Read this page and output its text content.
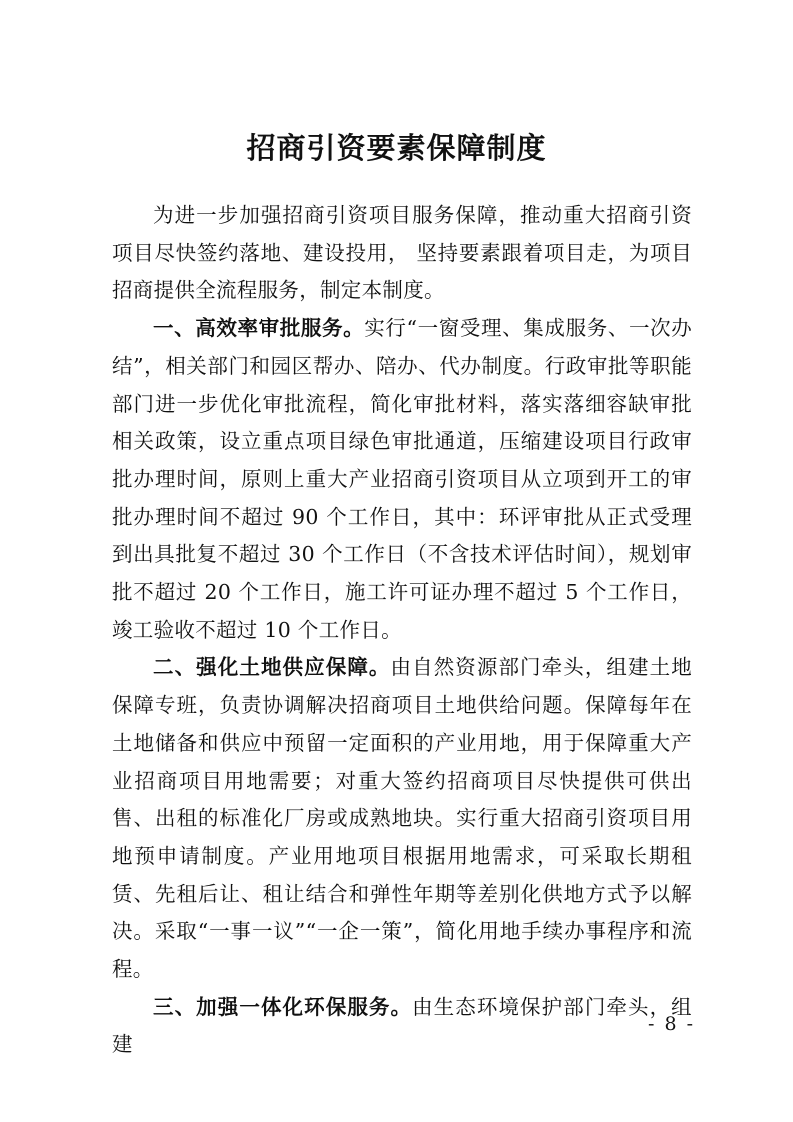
招商引资要素保障制度

为进一步加强招商引资项目服务保障，推动重大招商引资项目尽快签约落地、建设投用， 坚持要素跟着项目走，为项目招商提供全流程服务，制定本制度。

一、高效率审批服务。实行“一窗受理、集成服务、一次办结”，相关部门和园区帮办、陪办、代办制度。行政审批等职能部门进一步优化审批流程，简化审批材料，落实落细容缺审批相关政策，设立重点项目绿色审批通道，压缩建设项目行政审批办理时间，原则上重大产业招商引资项目从立项到开工的审批办理时间不超过 90 个工作日，其中：环评审批从正式受理到出具批复不超过 30 个工作日（不含技术评估时间），规划审批不超过 20 个工作日，施工许可证办理不超过 5 个工作日，竣工验收不超过 10 个工作日。

二、强化土地供应保障。由自然资源部门牵头，组建土地保障专班，负责协调解决招商项目土地供给问题。保障每年在土地储备和供应中预留一定面积的产业用地，用于保障重大产业招商项目用地需要；对重大签约招商项目尽快提供可供出售、出租的标准化厂房或成熟地块。实行重大招商引资项目用地预申请制度。产业用地项目根据用地需求，可采取长期租赁、先租后让、租让结合和弹性年期等差别化供地方式予以解决。采取“一事一议”“一企一策”，简化用地手续办事程序和流程。

三、加强一体化环保服务。由生态环境保护部门牵头，组建

- 8 -
